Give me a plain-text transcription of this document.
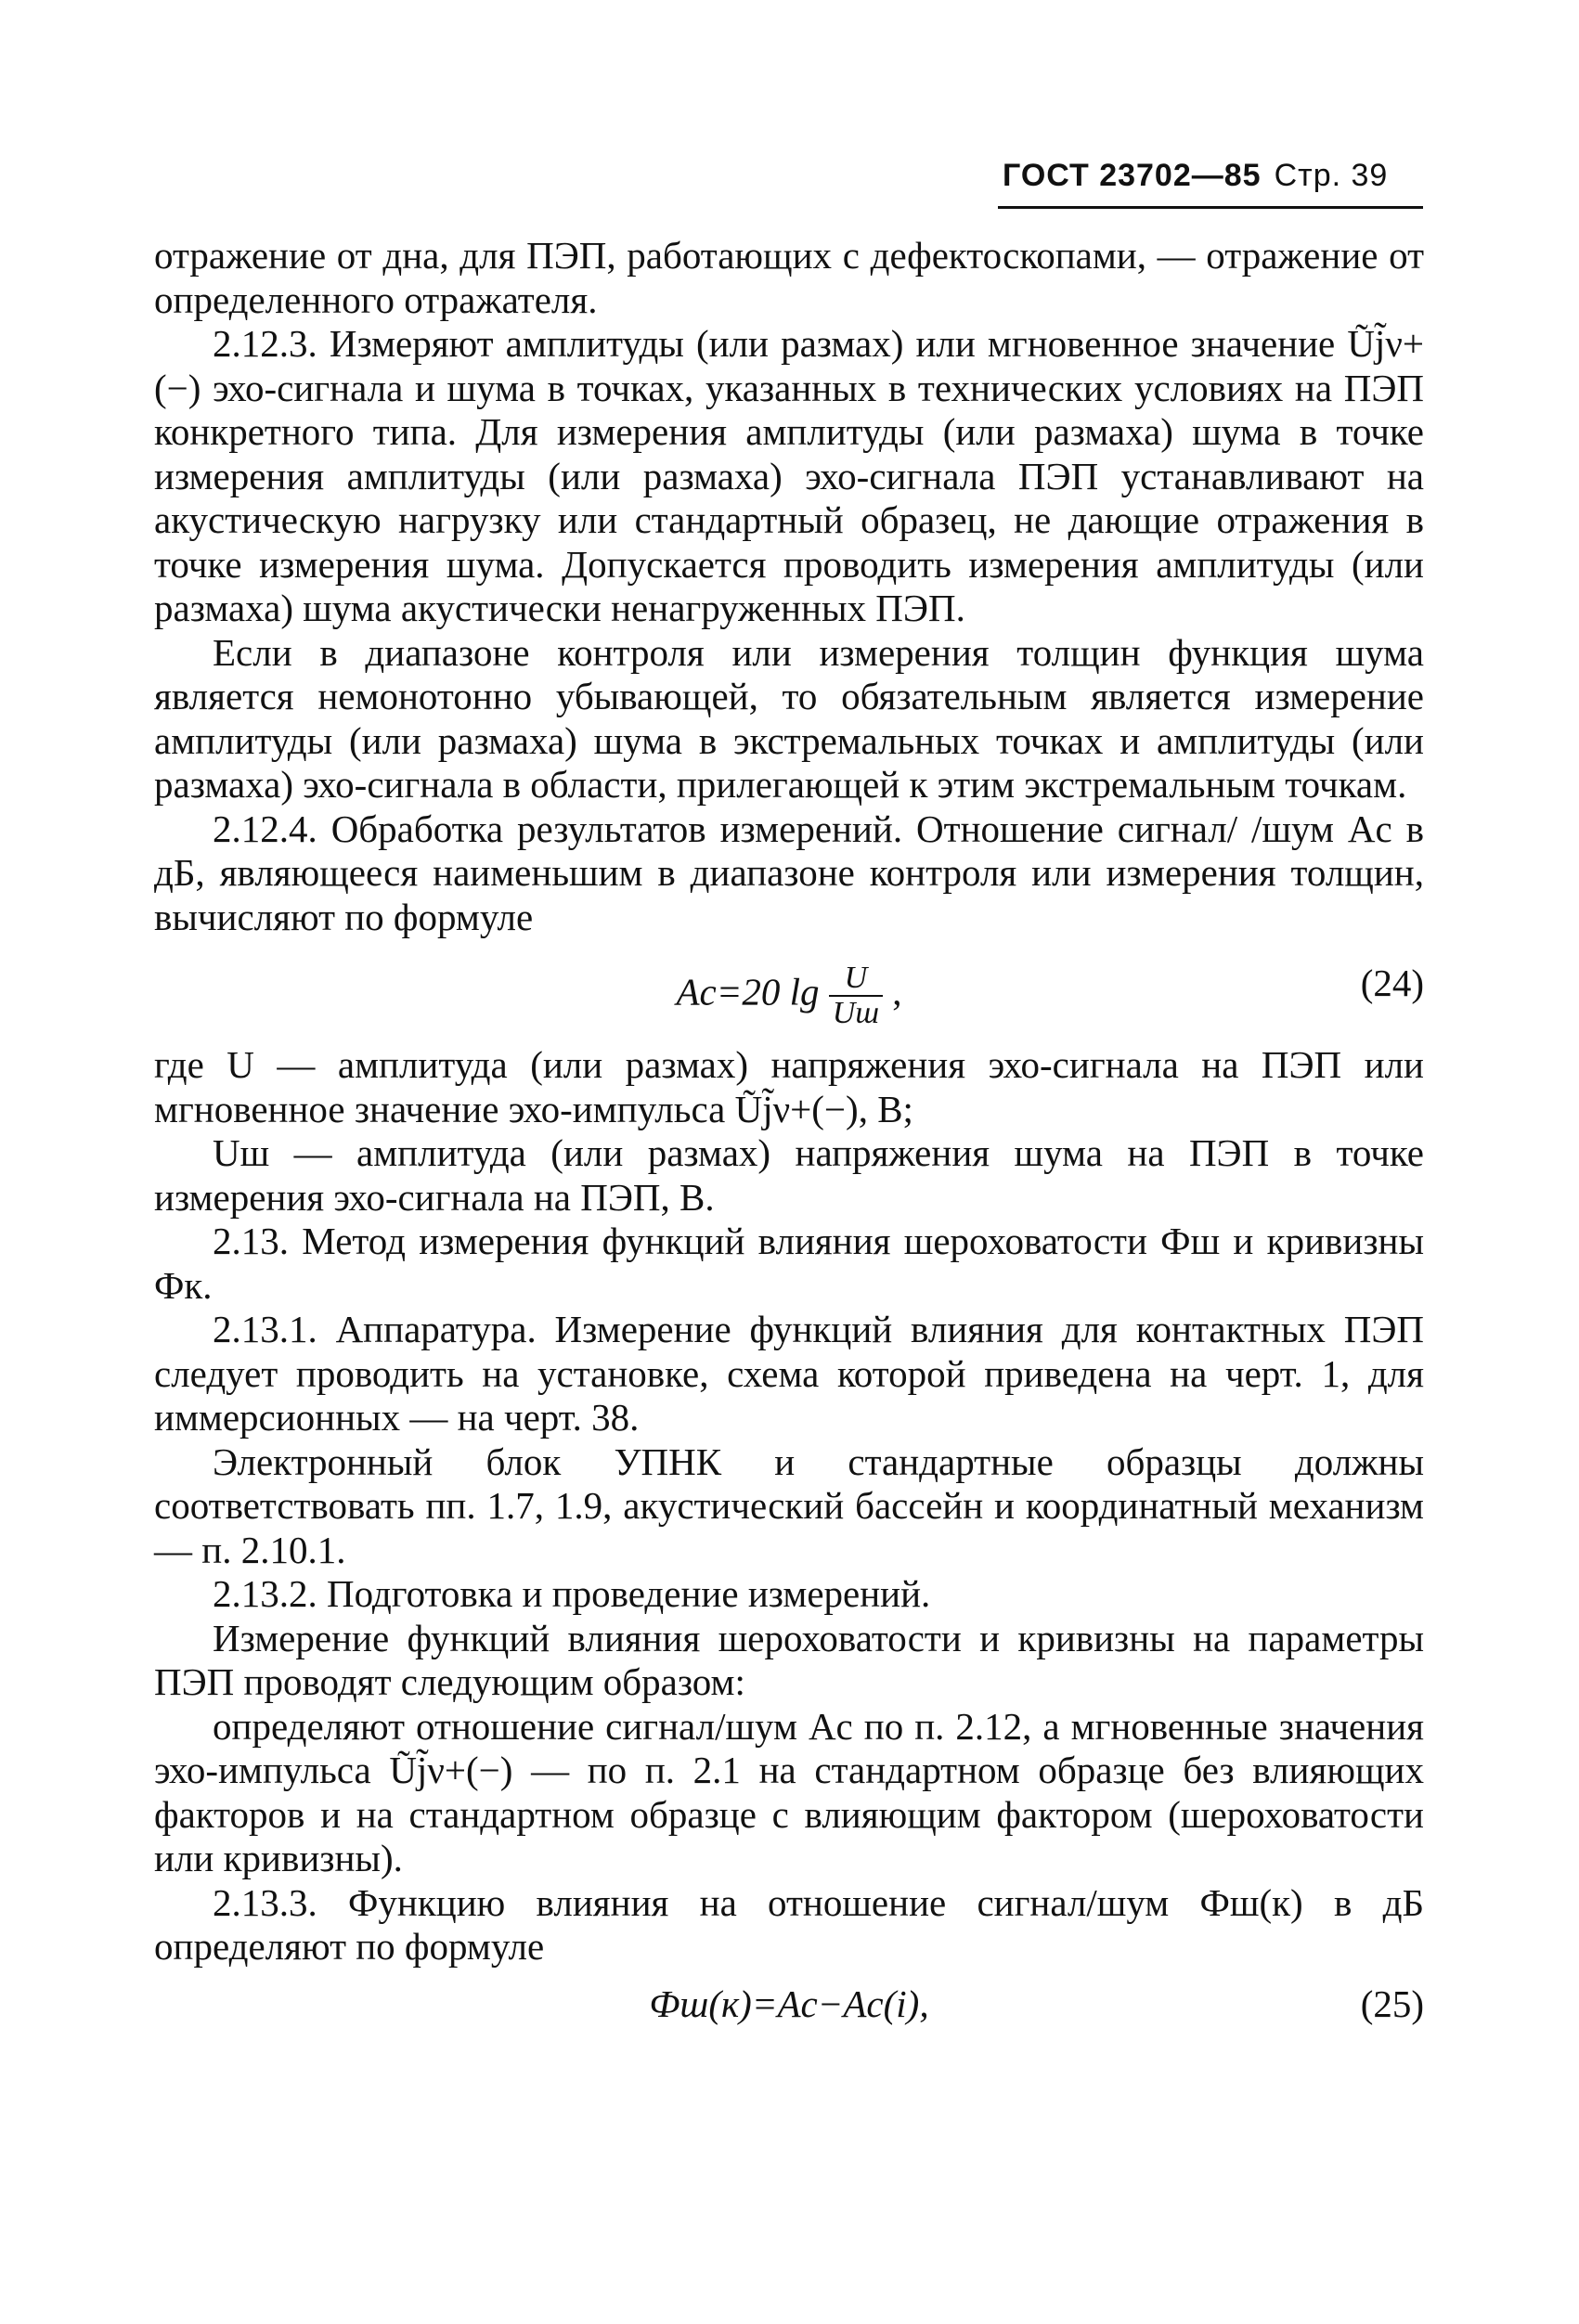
ГОСТ 23702—85 Стр. 39

отражение от дна, для ПЭП, работающих с дефектоскопами, — отражение от определенного отражателя.

2.12.3. Измеряют амплитуды (или размах) или мгновенное значение Ũj̃ν+(−) эхо-сигнала и шума в точках, указанных в технических условиях на ПЭП конкретного типа. Для измерения амплитуды (или размаха) шума в точке измерения амплитуды (или размаха) эхо-сигнала ПЭП устанавливают на акустическую нагрузку или стандартный образец, не дающие отражения в точке измерения шума. Допускается проводить измерения амплитуды (или размаха) шума акустически ненагруженных ПЭП.

Если в диапазоне контроля или измерения толщин функция шума является немонотонно убывающей, то обязательным является измерение амплитуды (или размаха) шума в экстремальных точках и амплитуды (или размаха) эхо-сигнала в области, прилегающей к этим экстремальным точкам.

2.12.4. Обработка результатов измерений. Отношение сигнал/ /шум Aс в дБ, являющееся наименьшим в диапазоне контроля или измерения толщин, вычисляют по формуле

Aс=20 $\lg \frac{U}{Uш}$ ,	(24)

где U — амплитуда (или размах) напряжения эхо-сигнала на ПЭП или мгновенное значение эхо-импульса Ũj̃ν+(−), В;

Uш — амплитуда (или размах) напряжения шума на ПЭП в точке измерения эхо-сигнала на ПЭП, В.

2.13. Метод измерения функций влияния шероховатости Фш и кривизны Фк.

2.13.1. Аппаратура. Измерение функций влияния для контактных ПЭП следует проводить на установке, схема которой приведена на черт. 1, для иммерсионных — на черт. 38.

Электронный блок УПНК и стандартные образцы должны соответствовать пп. 1.7, 1.9, акустический бассейн и координатный механизм — п. 2.10.1.

2.13.2. Подготовка и проведение измерений.

Измерение функций влияния шероховатости и кривизны на параметры ПЭП проводят следующим образом:

определяют отношение сигнал/шум Aс по п. 2.12, а мгновенные значения эхо-импульса Ũj̃ν+(−) — по п. 2.1 на стандартном образце без влияющих факторов и на стандартном образце с влияющим фактором (шероховатости или кривизны).

2.13.3. Функцию влияния на отношение сигнал/шум Фш(к) в дБ определяют по формуле

Фш(к)=Aс−Aс(i),	(25)
